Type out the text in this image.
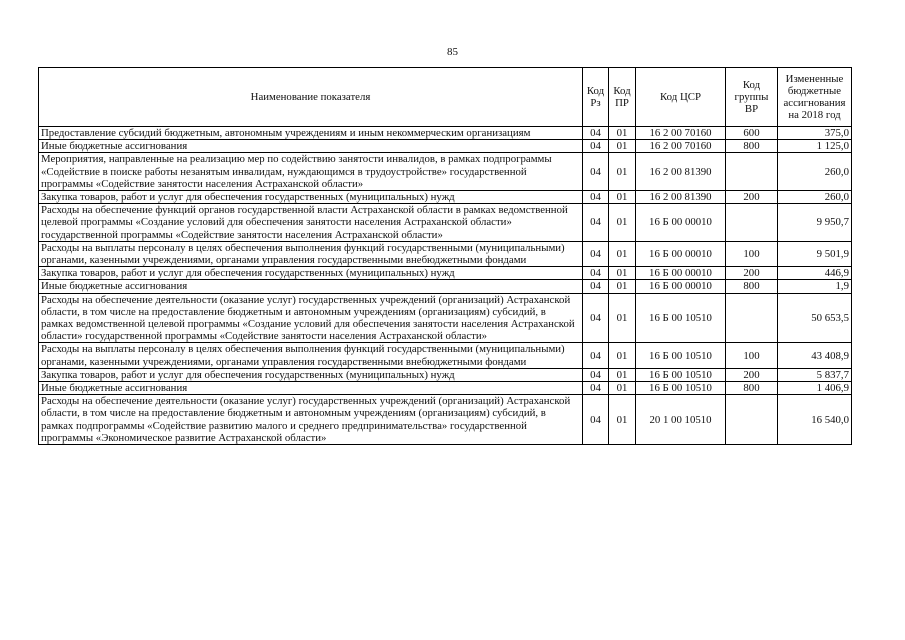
85
Наименование показателя	Код Рз	Код ПР	Код ЦСР	Код группы ВР	Измененные бюджетные ассигнования на 2018 год
Предоставление субсидий бюджетным, автономным учреждениям и иным некоммерческим организациям	04	01	16 2 00 70160	600	375,0
Иные бюджетные ассигнования	04	01	16 2 00 70160	800	1 125,0
Мероприятия, направленные на реализацию мер по содействию занятости инвалидов, в рамках подпрограммы «Содействие в поиске работы незанятым инвалидам, нуждающимся в трудоустройстве» государственной программы «Содействие занятости населения Астраханской области»	04	01	16 2 00 81390		260,0
Закупка товаров, работ и услуг для обеспечения государственных (муниципальных) нужд	04	01	16 2 00 81390	200	260,0
Расходы на обеспечение функций органов государственной власти Астраханской области в рамках ведомственной целевой программы «Создание условий для обеспечения занятости населения Астраханской области» государственной программы «Содействие занятости населения Астраханской области»	04	01	16 Б 00 00010		9 950,7
Расходы на выплаты персоналу в целях обеспечения выполнения функций государственными (муниципальными) органами, казенными учреждениями, органами управления государственными внебюджетными фондами	04	01	16 Б 00 00010	100	9 501,9
Закупка товаров, работ и услуг для обеспечения государственных (муниципальных) нужд	04	01	16 Б 00 00010	200	446,9
Иные бюджетные ассигнования	04	01	16 Б 00 00010	800	1,9
Расходы на обеспечение деятельности (оказание услуг) государственных учреждений (организаций) Астраханской области, в том числе на предоставление бюджетным и автономным учреждениям (организациям) субсидий, в рамках ведомственной целевой программы «Создание условий для обеспечения занятости населения Астраханской области» государственной программы «Содействие занятости населения Астраханской области»	04	01	16 Б 00 10510		50 653,5
Расходы на выплаты персоналу в целях обеспечения выполнения функций государственными (муниципальными) органами, казенными учреждениями, органами управления государственными внебюджетными фондами	04	01	16 Б 00 10510	100	43 408,9
Закупка товаров, работ и услуг для обеспечения государственных (муниципальных) нужд	04	01	16 Б 00 10510	200	5 837,7
Иные бюджетные ассигнования	04	01	16 Б 00 10510	800	1 406,9
Расходы на обеспечение деятельности (оказание услуг) государственных учреждений (организаций) Астраханской области, в том числе на предоставление бюджетным и автономным учреждениям (организациям) субсидий, в рамках подпрограммы «Содействие развитию малого и среднего предпринимательства» государственной программы «Экономическое развитие Астраханской области»	04	01	20 1 00 10510		16 540,0
